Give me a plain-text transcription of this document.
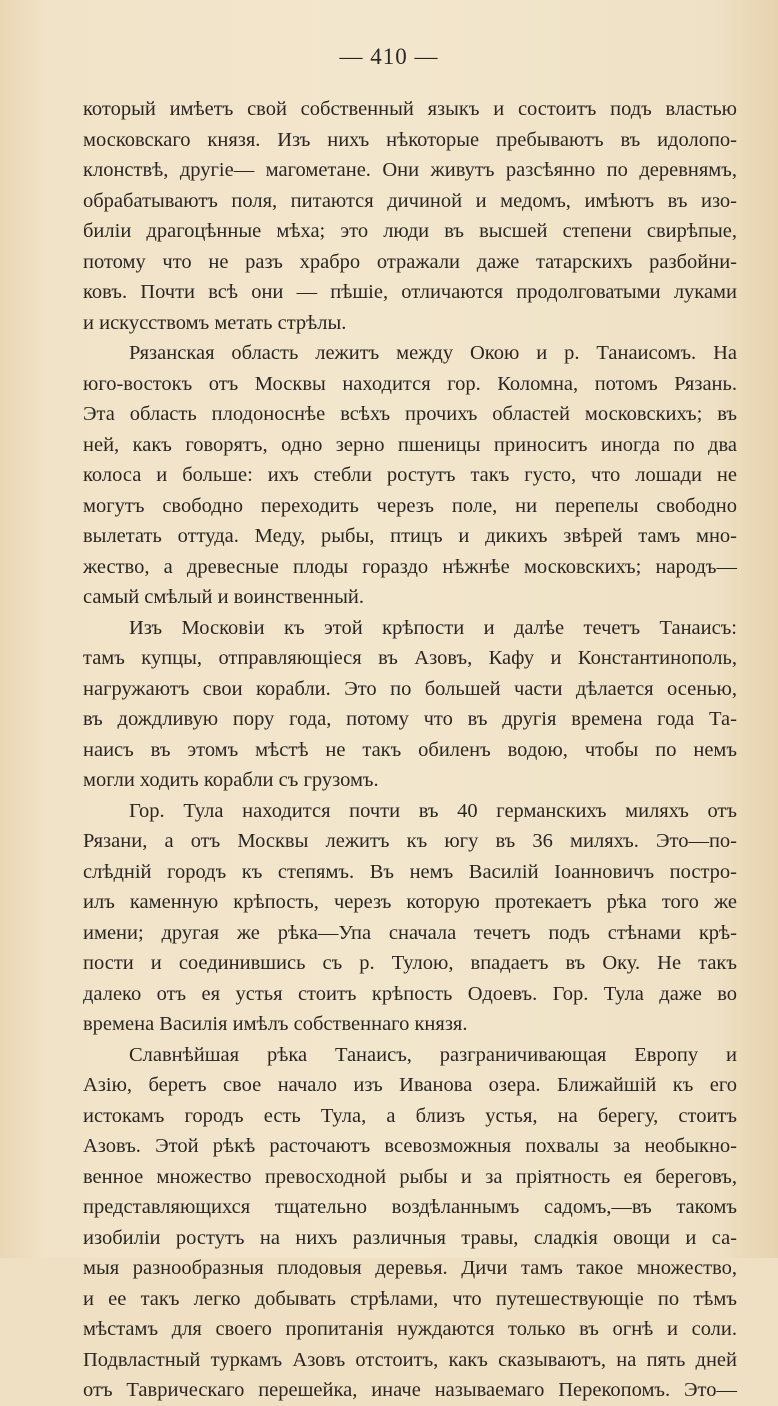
— 410 —
который имѣетъ свой собственный языкъ и состоитъ подъ властью
московскаго князя. Изъ нихъ нѣкоторые пребываютъ въ идолопо-
клонствѣ, другіе— магометане. Они живутъ разсѣянно по деревнямъ,
обрабатываютъ поля, питаются дичиной и медомъ, имѣютъ въ изо-
биліи драгоцѣнные мѣха; это люди въ высшей степени свирѣпые,
потому что не разъ храбро отражали даже татарскихъ разбойни-
ковъ. Почти всѣ они — пѣшіе, отличаются продолговатыми луками
и искусствомъ метать стрѣлы.
Рязанская область лежитъ между Окою и р. Танаисомъ. На
юго-востокъ отъ Москвы находится гор. Коломна, потомъ Рязань.
Эта область плодоноснѣе всѣхъ прочихъ областей московскихъ; въ
ней, какъ говорятъ, одно зерно пшеницы приноситъ иногда по два
колоса и больше: ихъ стебли ростутъ такъ густо, что лошади не
могутъ свободно переходить черезъ поле, ни перепелы свободно
вылетать оттуда. Меду, рыбы, птицъ и дикихъ звѣрей тамъ мно-
жество, а древесные плоды гораздо нѣжнѣе московскихъ; народъ—
самый смѣлый и воинственный.
Изъ Московіи къ этой крѣпости и далѣе течетъ Танаисъ:
тамъ купцы, отправляющіеся въ Азовъ, Кафу и Константинополь,
нагружаютъ свои корабли. Это по большей части дѣлается осенью,
въ дождливую пору года, потому что въ другія времена года Та-
наисъ въ этомъ мѣстѣ не такъ обиленъ водою, чтобы по немъ
могли ходить корабли съ грузомъ.
Гор. Тула находится почти въ 40 германскихъ миляхъ отъ
Рязани, а отъ Москвы лежитъ къ югу въ 36 миляхъ. Это—по-
слѣднiй городъ къ степямъ. Въ немъ Василій Іоанновичъ постро-
илъ каменную крѣпость, черезъ которую протекаетъ рѣка того же
имени; другая же рѣка—Упа сначала течетъ подъ стѣнами крѣ-
пости и соединившись съ р. Тулою, впадаетъ въ Оку. Не такъ
далеко отъ ея устья стоитъ крѣпость Одоевъ. Гор. Тула даже во
времена Василія имѣлъ собственнаго князя.
Славнѣйшая рѣка Танаисъ, разграничивающая Европу и
Азію, беретъ свое начало изъ Иванова озера. Ближайшій къ его
истокамъ городъ есть Тула, а близъ устья, на берегу, стоитъ
Азовъ. Этой рѣкѣ расточаютъ всевозможныя похвалы за необыкно-
венное множество превосходной рыбы и за пріятность ея береговъ,
представляющихся тщательно воздѣланнымъ садомъ,—въ такомъ
изобиліи ростутъ на нихъ различныя травы, сладкія овощи и са-
мыя разнообразныя плодовыя деревья. Дичи тамъ такое множество,
и ее такъ легко добывать стрѣлами, что путешествующіе по тѣмъ
мѣстамъ для своего пропитанія нуждаются только въ огнѣ и соли.
Подвластный туркамъ Азовъ отстоитъ, какъ сказываютъ, на пять дней
отъ Таврическаго перешейка, иначе называемаго Перекопомъ. Это—
